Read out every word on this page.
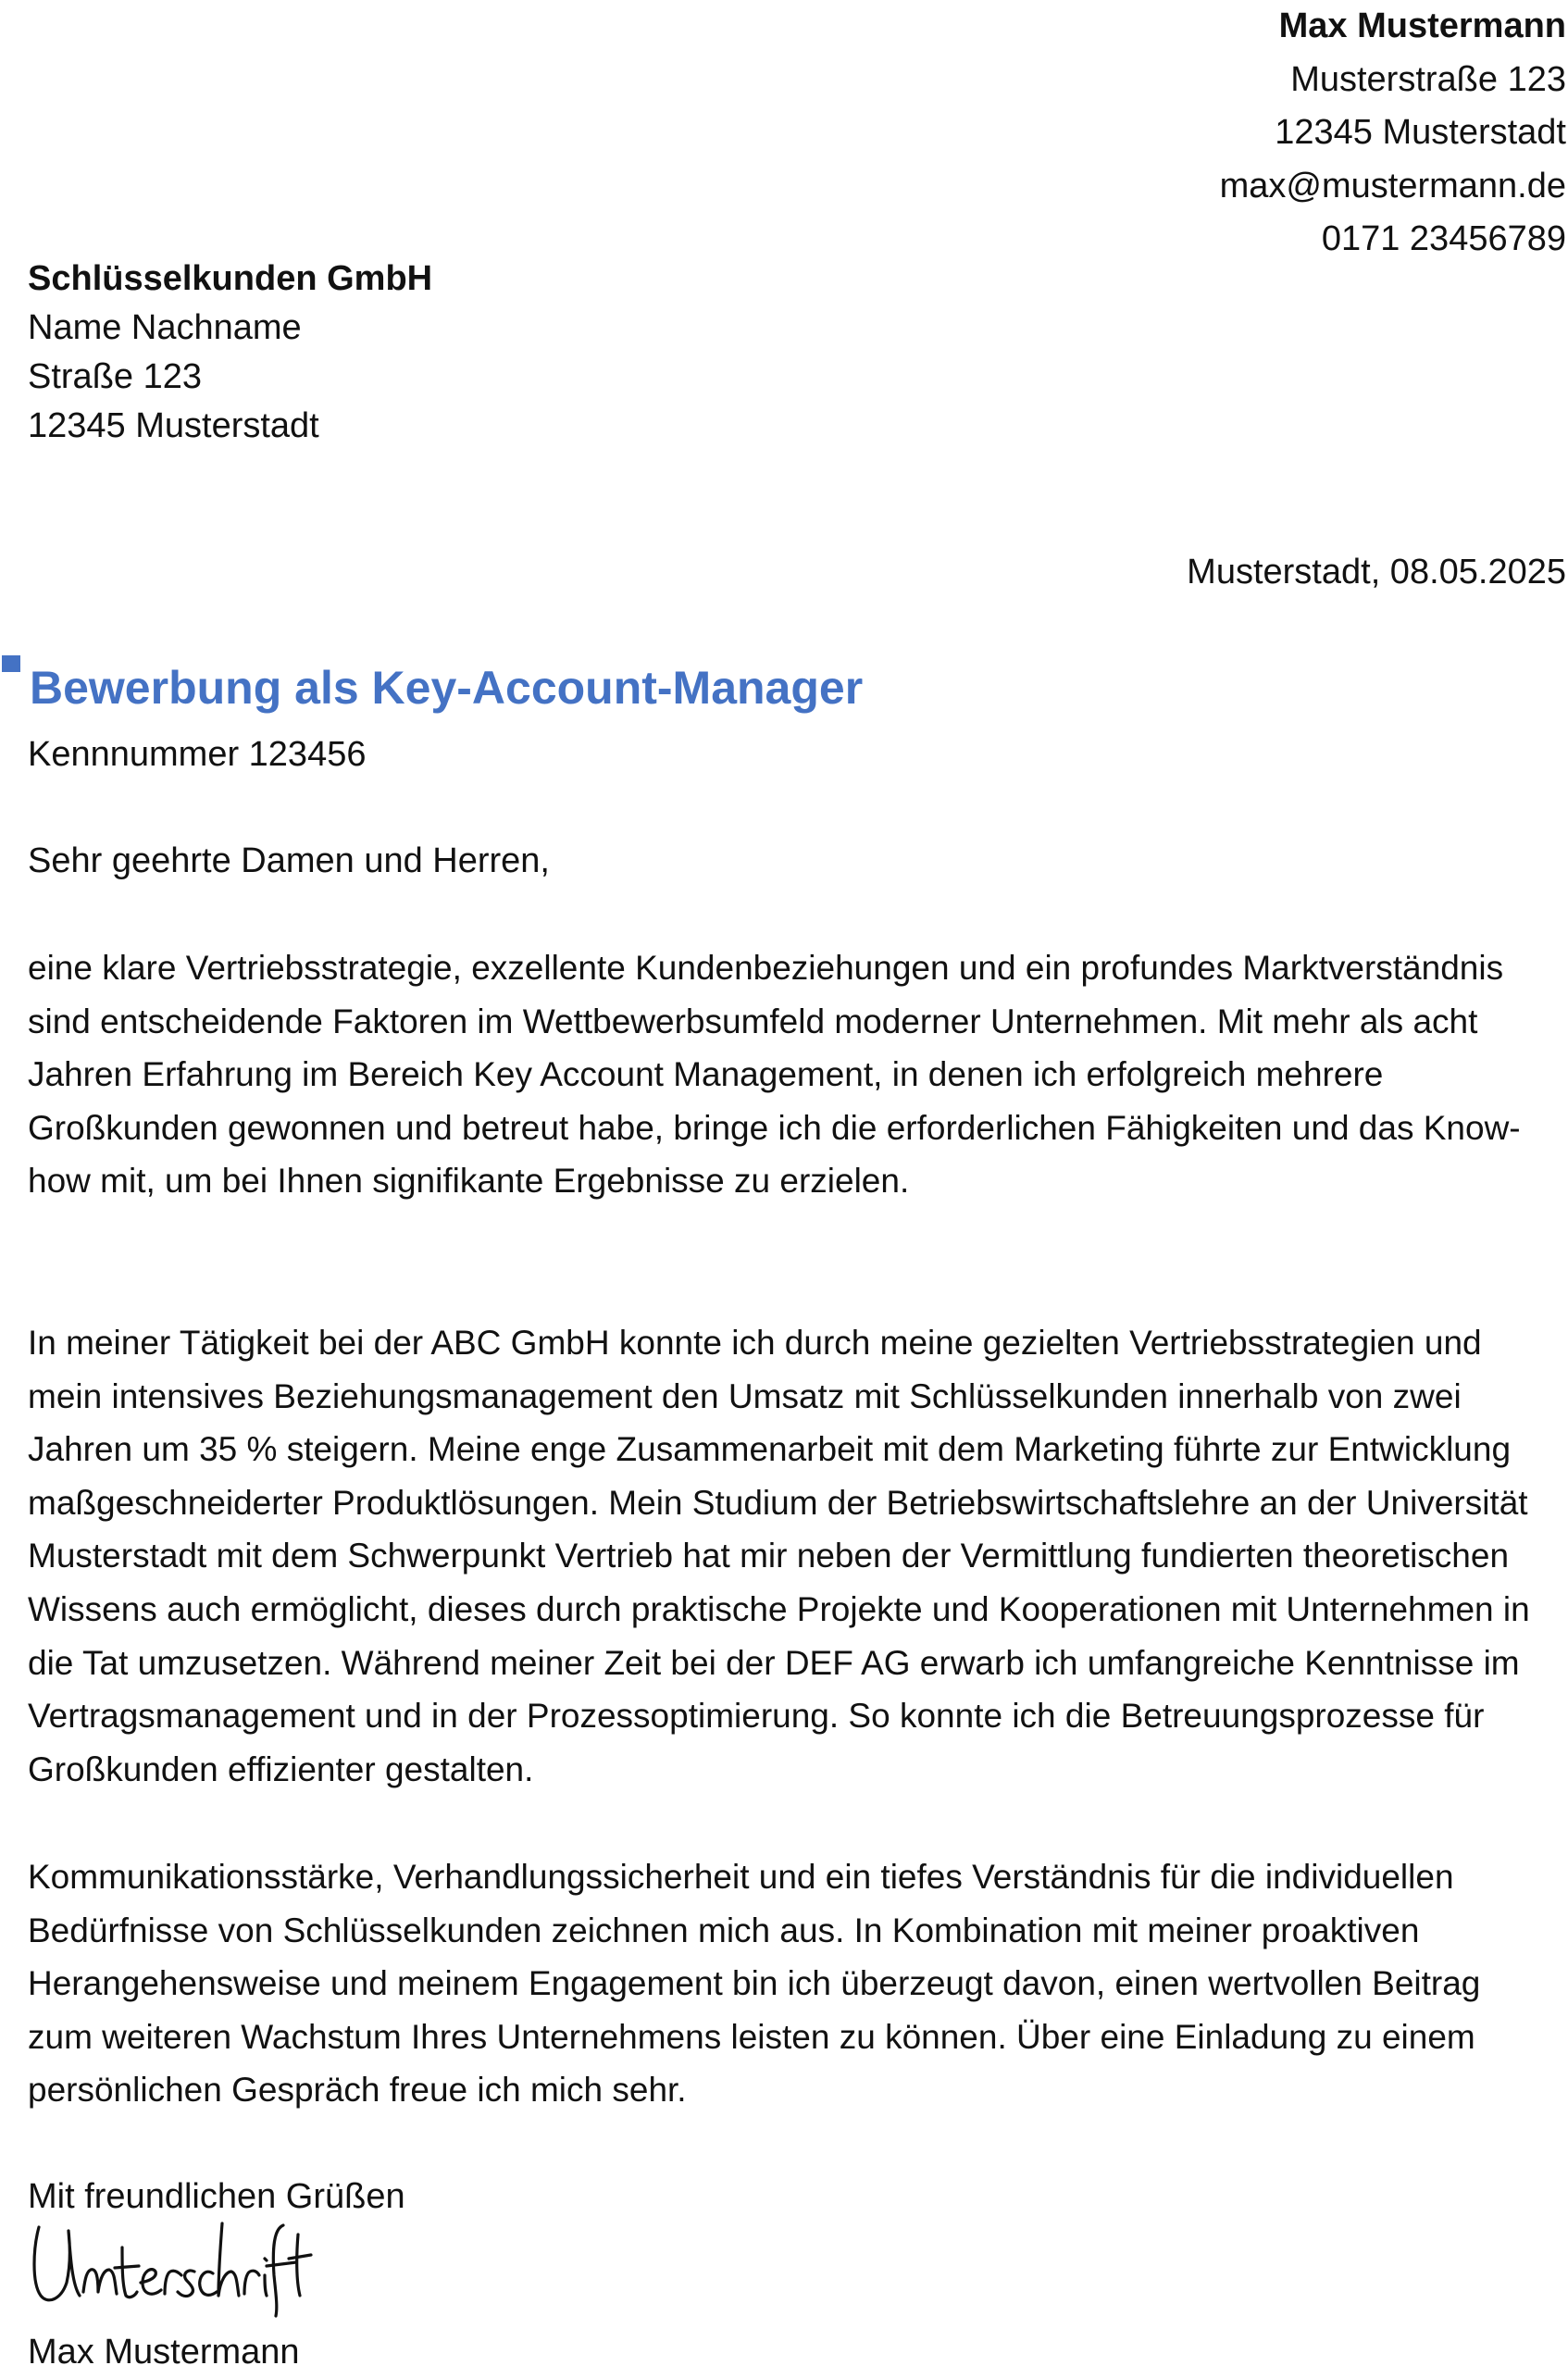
Max Mustermann
Musterstraße 123
12345 Musterstadt
max@mustermann.de
0171 23456789
Schlüsselkunden GmbH
Name Nachname
Straße 123
12345 Musterstadt
Musterstadt, 08.05.2025
Bewerbung als Key-Account-Manager
Kennnummer 123456
Sehr geehrte Damen und Herren,

eine klare Vertriebsstrategie, exzellente Kundenbeziehungen und ein profundes Marktverständnis sind entscheidende Faktoren im Wettbewerbsumfeld moderner Unternehmen. Mit mehr als acht Jahren Erfahrung im Bereich Key Account Management, in denen ich erfolgreich mehrere Großkunden gewonnen und betreut habe, bringe ich die erforderlichen Fähigkeiten und das Know-how mit, um bei Ihnen signifikante Ergebnisse zu erzielen.

In meiner Tätigkeit bei der ABC GmbH konnte ich durch meine gezielten Vertriebsstrategien und mein intensives Beziehungsmanagement den Umsatz mit Schlüsselkunden innerhalb von zwei Jahren um 35 % steigern. Meine enge Zusammenarbeit mit dem Marketing führte zur Entwicklung maßgeschneiderter Produktlösungen. Mein Studium der Betriebswirtschaftslehre an der Universität Musterstadt mit dem Schwerpunkt Vertrieb hat mir neben der Vermittlung fundierten theoretischen Wissens auch ermöglicht, dieses durch praktische Projekte und Kooperationen mit Unternehmen in die Tat umzusetzen. Während meiner Zeit bei der DEF AG erwarb ich umfangreiche Kenntnisse im Vertragsmanagement und in der Prozessoptimierung. So konnte ich die Betreuungsprozesse für Großkunden effizienter gestalten.

Kommunikationsstärke, Verhandlungssicherheit und ein tiefes Verständnis für die individuellen Bedürfnisse von Schlüsselkunden zeichnen mich aus. In Kombination mit meiner proaktiven Herangehensweise und meinem Engagement bin ich überzeugt davon, einen wertvollen Beitrag zum weiteren Wachstum Ihres Unternehmens leisten zu können. Über eine Einladung zu einem persönlichen Gespräch freue ich mich sehr.

Mit freundlichen Grüßen
Max Mustermann
